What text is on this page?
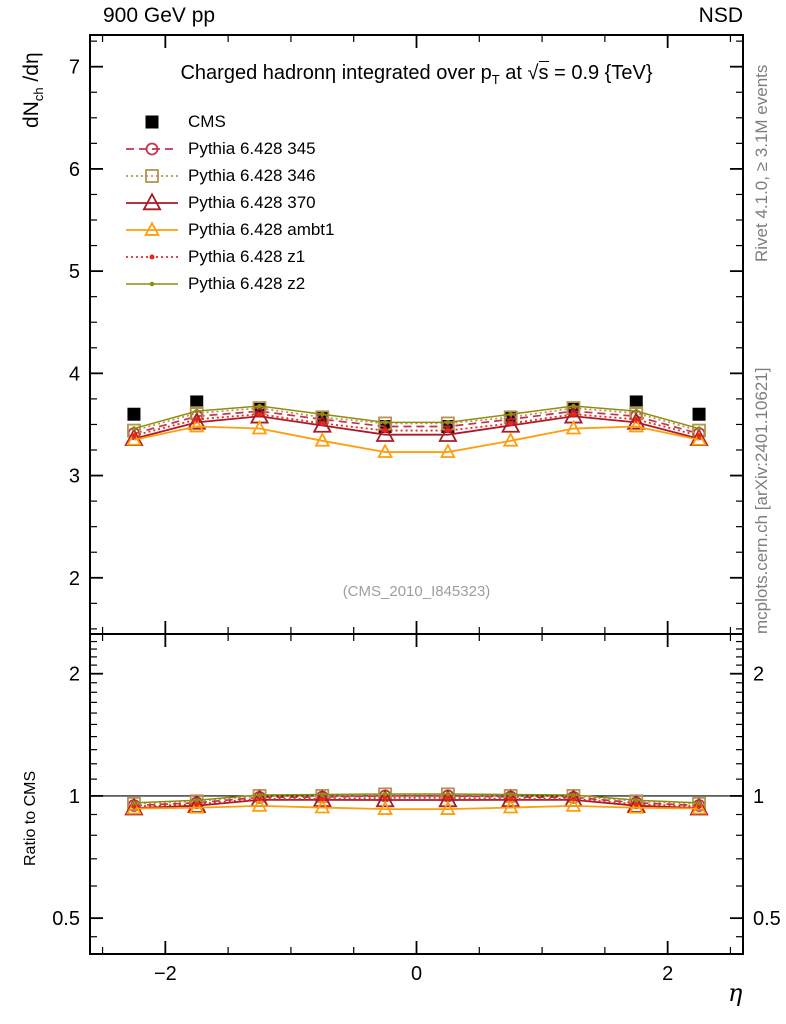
900 GeV pp	NSD
$dN_{ch}$ /dη
Ratio to CMS
Rivet 4.1.0, ≥ 3.1M events
mcplots.cern.ch [arXiv:2401.10621]
Charged hadronη integrated over $p_T$ at √s = 0.9 {TeV}
CMS
Pythia 6.428 345
Pythia 6.428 346
Pythia 6.428 370
Pythia 6.428 ambt1
Pythia 6.428 z1
Pythia 6.428 z2
(CMS_2010_I845323)
η
2
3
4
5
6
7
0.5	0.5
1	1
2	2
−2	0	2
